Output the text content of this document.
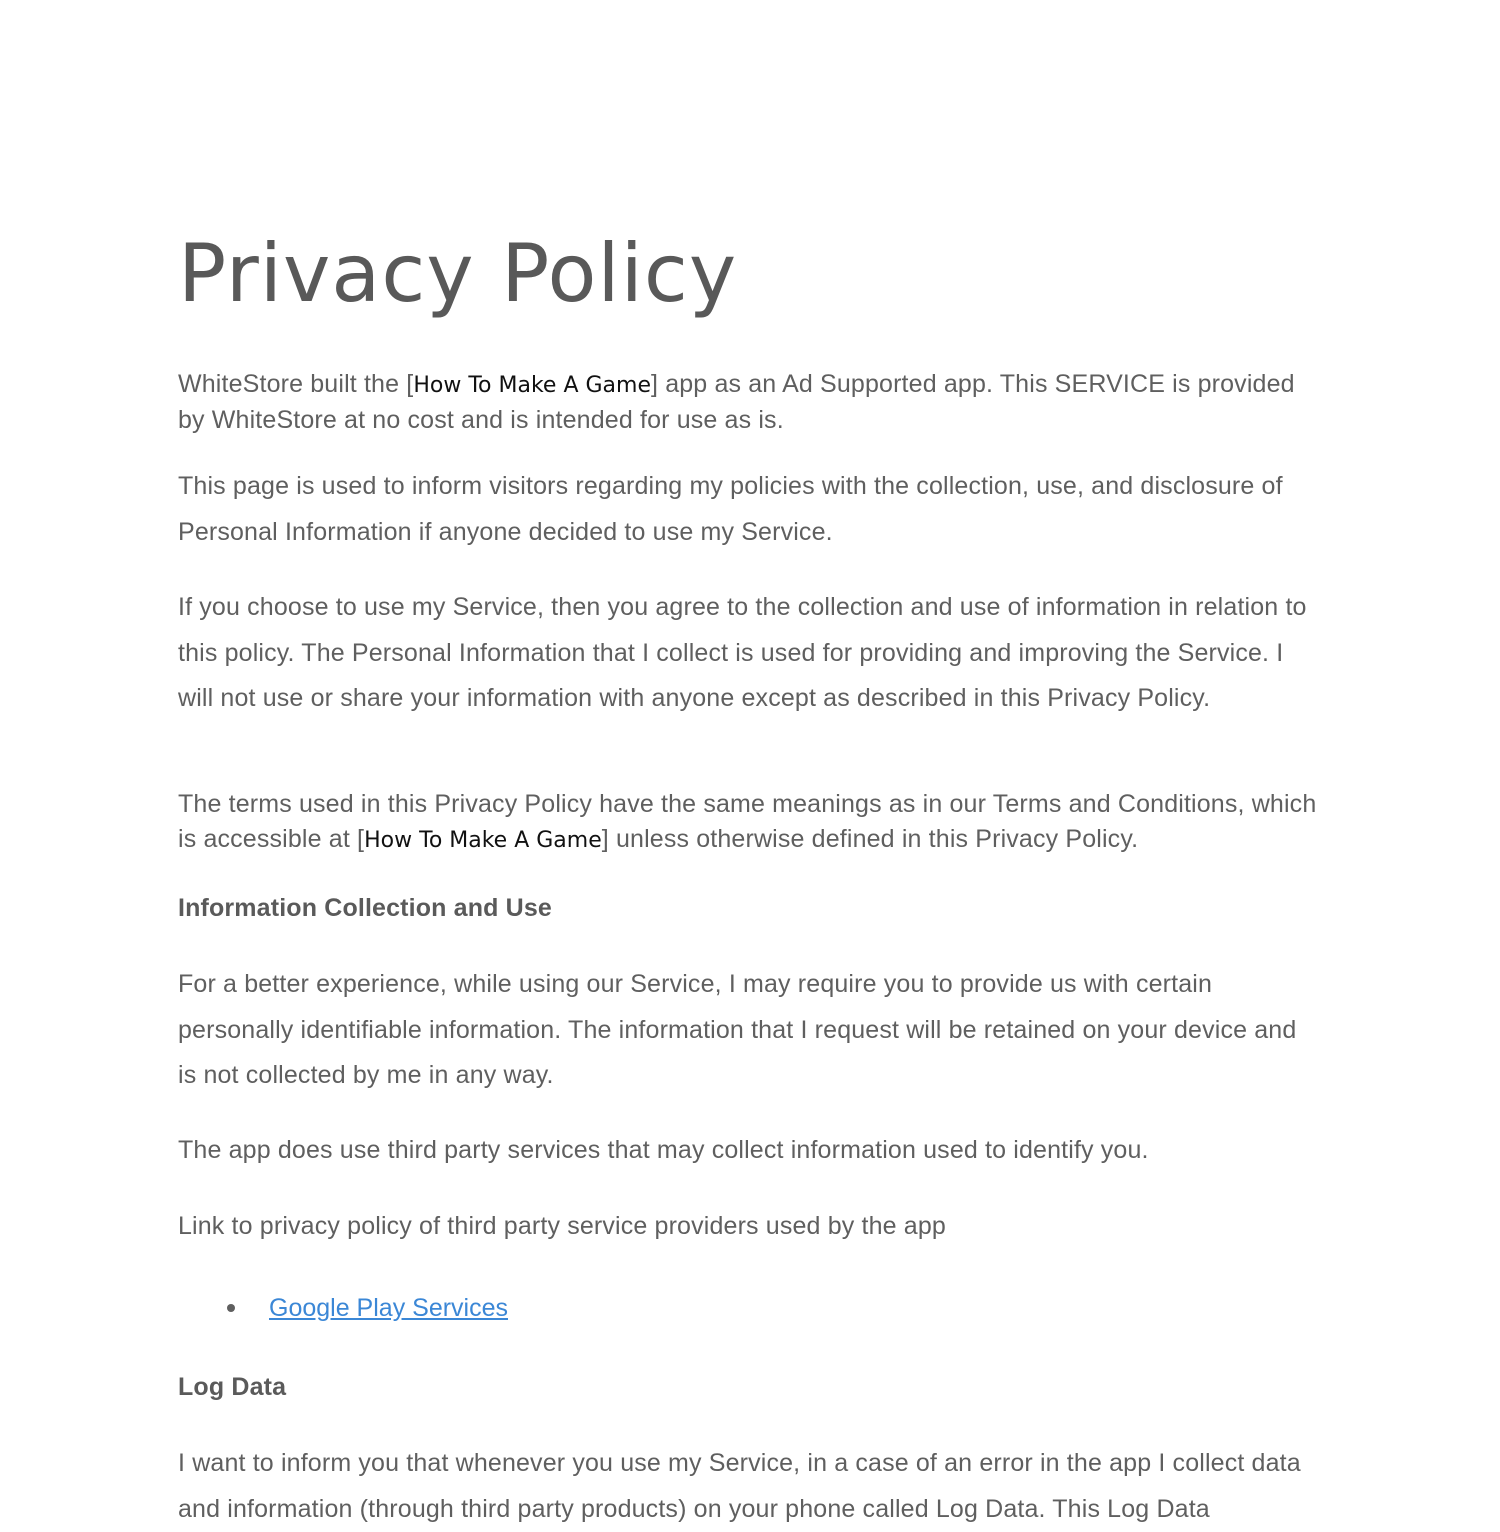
Privacy Policy

WhiteStore built the [How To Make A Game] app as an Ad Supported app. This SERVICE is provided by WhiteStore at no cost and is intended for use as is.

This page is used to inform visitors regarding my policies with the collection, use, and disclosure of Personal Information if anyone decided to use my Service.

If you choose to use my Service, then you agree to the collection and use of information in relation to this policy. The Personal Information that I collect is used for providing and improving the Service. I will not use or share your information with anyone except as described in this Privacy Policy.

The terms used in this Privacy Policy have the same meanings as in our Terms and Conditions, which is accessible at [How To Make A Game] unless otherwise defined in this Privacy Policy.

Information Collection and Use

For a better experience, while using our Service, I may require you to provide us with certain personally identifiable information. The information that I request will be retained on your device and is not collected by me in any way.

The app does use third party services that may collect information used to identify you.

Link to privacy policy of third party service providers used by the app

Google Play Services
Log Data

I want to inform you that whenever you use my Service, in a case of an error in the app I collect data and information (through third party products) on your phone called Log Data. This Log Data
